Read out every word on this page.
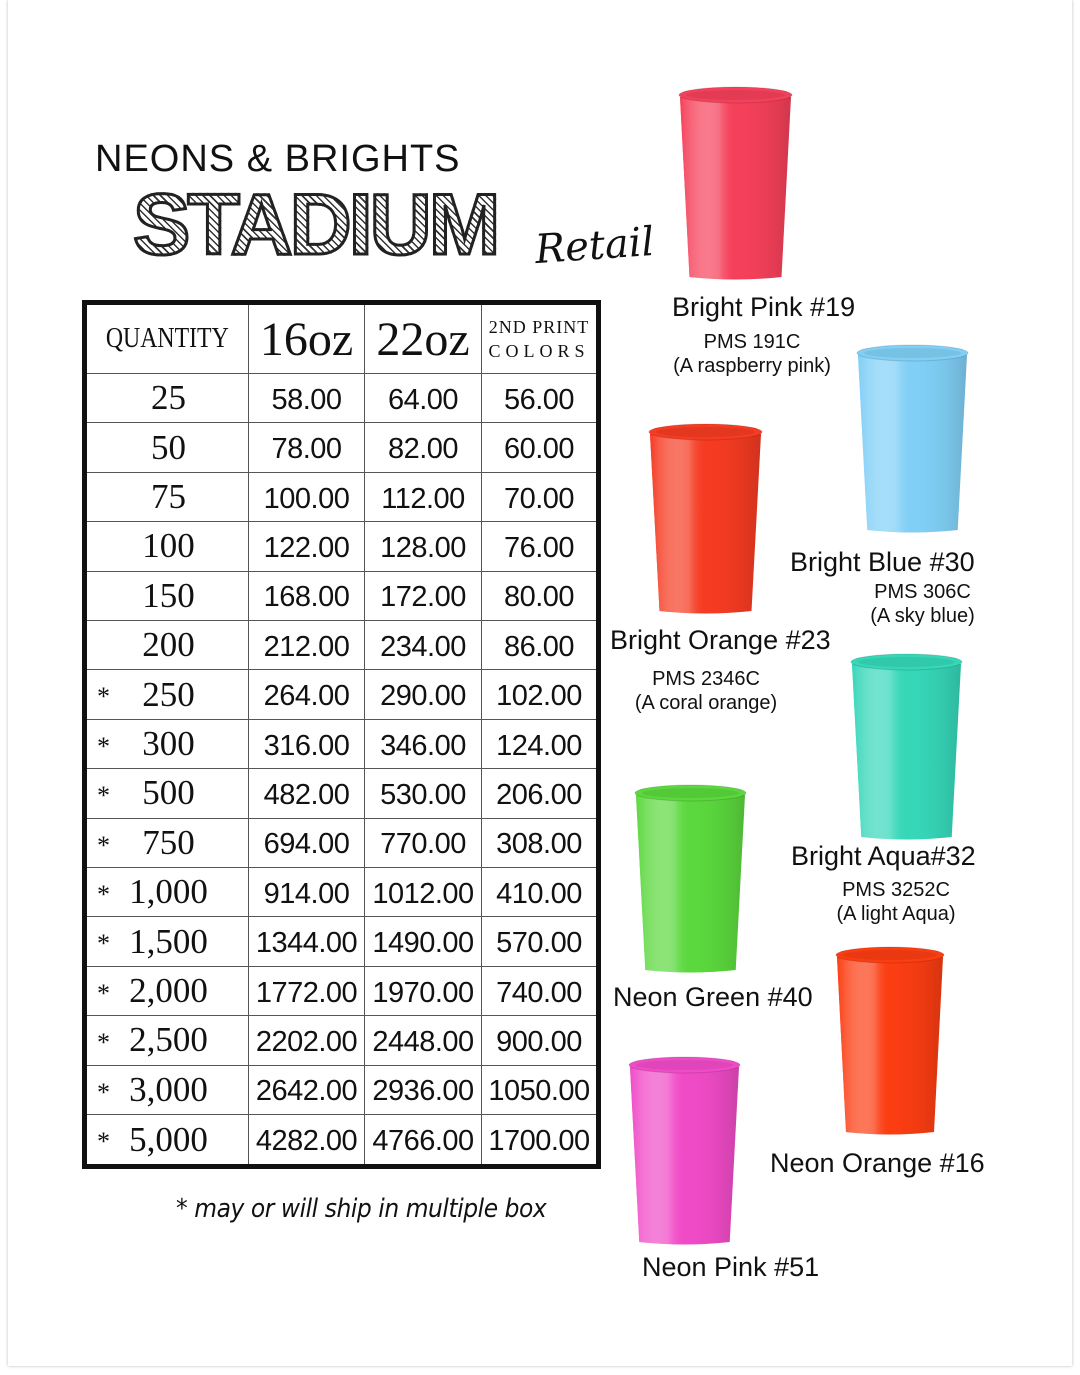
NEONS & BRIGHTS
STADIUM Retail
QUANTITY	16oz	22oz	2ND PRINT
COLORS

25	58.00	64.00	56.00

50	78.00	82.00	60.00

75	100.00	112.00	70.00

100	122.00	128.00	76.00

150	168.00	172.00	80.00

200	212.00	234.00	86.00

* 250	264.00	290.00	102.00

* 300	316.00	346.00	124.00

* 500	482.00	530.00	206.00

* 750	694.00	770.00	308.00

* 1,000	914.00	1012.00	410.00

* 1,500	1344.00	1490.00	570.00

* 2,000	1772.00	1970.00	740.00

* 2,500	2202.00	2448.00	900.00

* 3,000	2642.00	2936.00	1050.00

* 5,000	4282.00	4766.00	1700.00
* may or will ship in multiple box
Bright Pink #19
PMS 191C
(A raspberry pink)
Bright Blue #30
PMS 306C
(A sky blue)
Bright Orange #23
PMS 2346C
(A coral orange)
Bright Aqua#32
PMS 3252C
(A light Aqua)
Neon Green #40
Neon Orange #16
Neon Pink #51
